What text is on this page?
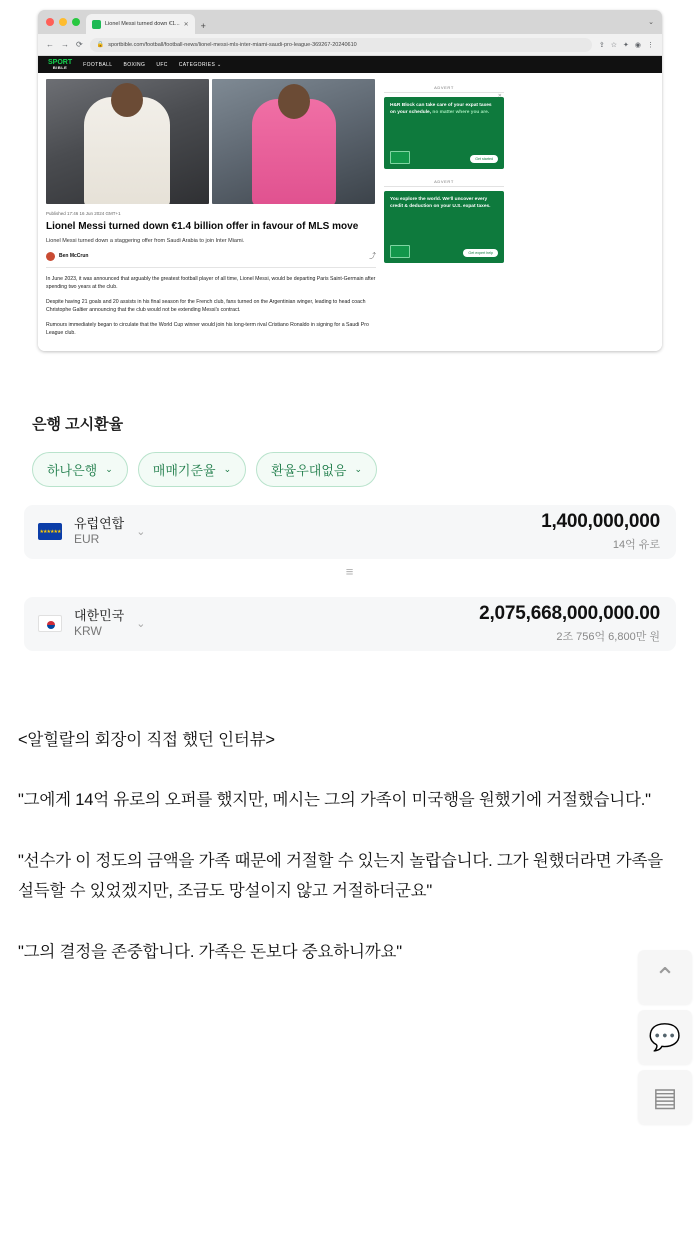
Lionel Messi turned down €1... ✕ +	⌄
← → ⟳ 🔒 sportbible.com/football/football-news/lionel-messi-mls-inter-miami-saudi-pro-league-369267-20240610	⇪ ☆ ✦ ◉ ⋮
SPORT
BIBLE	FOOTBALL BOXING UFC CATEGORIES ⌄
Published 17:46 16 Jun 2024 GMT+1
Lionel Messi turned down €1.4 billion offer in favour of MLS move
Lionel Messi turned down a staggering offer from Saudi Arabia to join Inter Miami.
Ben McCrun	⤴

In June 2023, it was announced that arguably the greatest football player of all time, Lionel Messi, would be departing Paris Saint-Germain after spending two years at the club.

Despite having 21 goals and 20 assists in his final season for the French club, fans turned on the Argentinian winger, leading to head coach Christophe Galtier announcing that the club would not be extending Messi's contract.

Rumours immediately began to circulate that the World Cup winner would join his long-term rival Cristiano Ronaldo in signing for a Saudi Pro League club.

ADVERT
✕
H&R Block can take care of your expat taxes on your schedule, no matter where you are.
Get started
ADVERT
You explore the world. We'll uncover every credit & deduction on your U.S. expat taxes.
Get expert help
은행 고시환율
하나은행 ⌄	매매기준율 ⌄	환율우대없음 ⌄
★★★★★★
유럽연합
EUR
⌄	1,400,000,000
14억 유로
≡
대한민국
KRW
⌄	2,075,668,000,000.00
2조 756억 6,800만 원

<알힐랄의 회장이 직접 했던 인터뷰>

"그에게 14억 유로의 오퍼를 했지만, 메시는 그의 가족이 미국행을 원했기에 거절했습니다."

"선수가 이 정도의 금액을 가족 때문에 거절할 수 있는지 놀랍습니다. 그가 원했더라면 가족을 설득할 수 있었겠지만, 조금도 망설이지 않고 거절하더군요"

"그의 결정을 존중합니다. 가족은 돈보다 중요하니까요"

⌃
💬
▤
